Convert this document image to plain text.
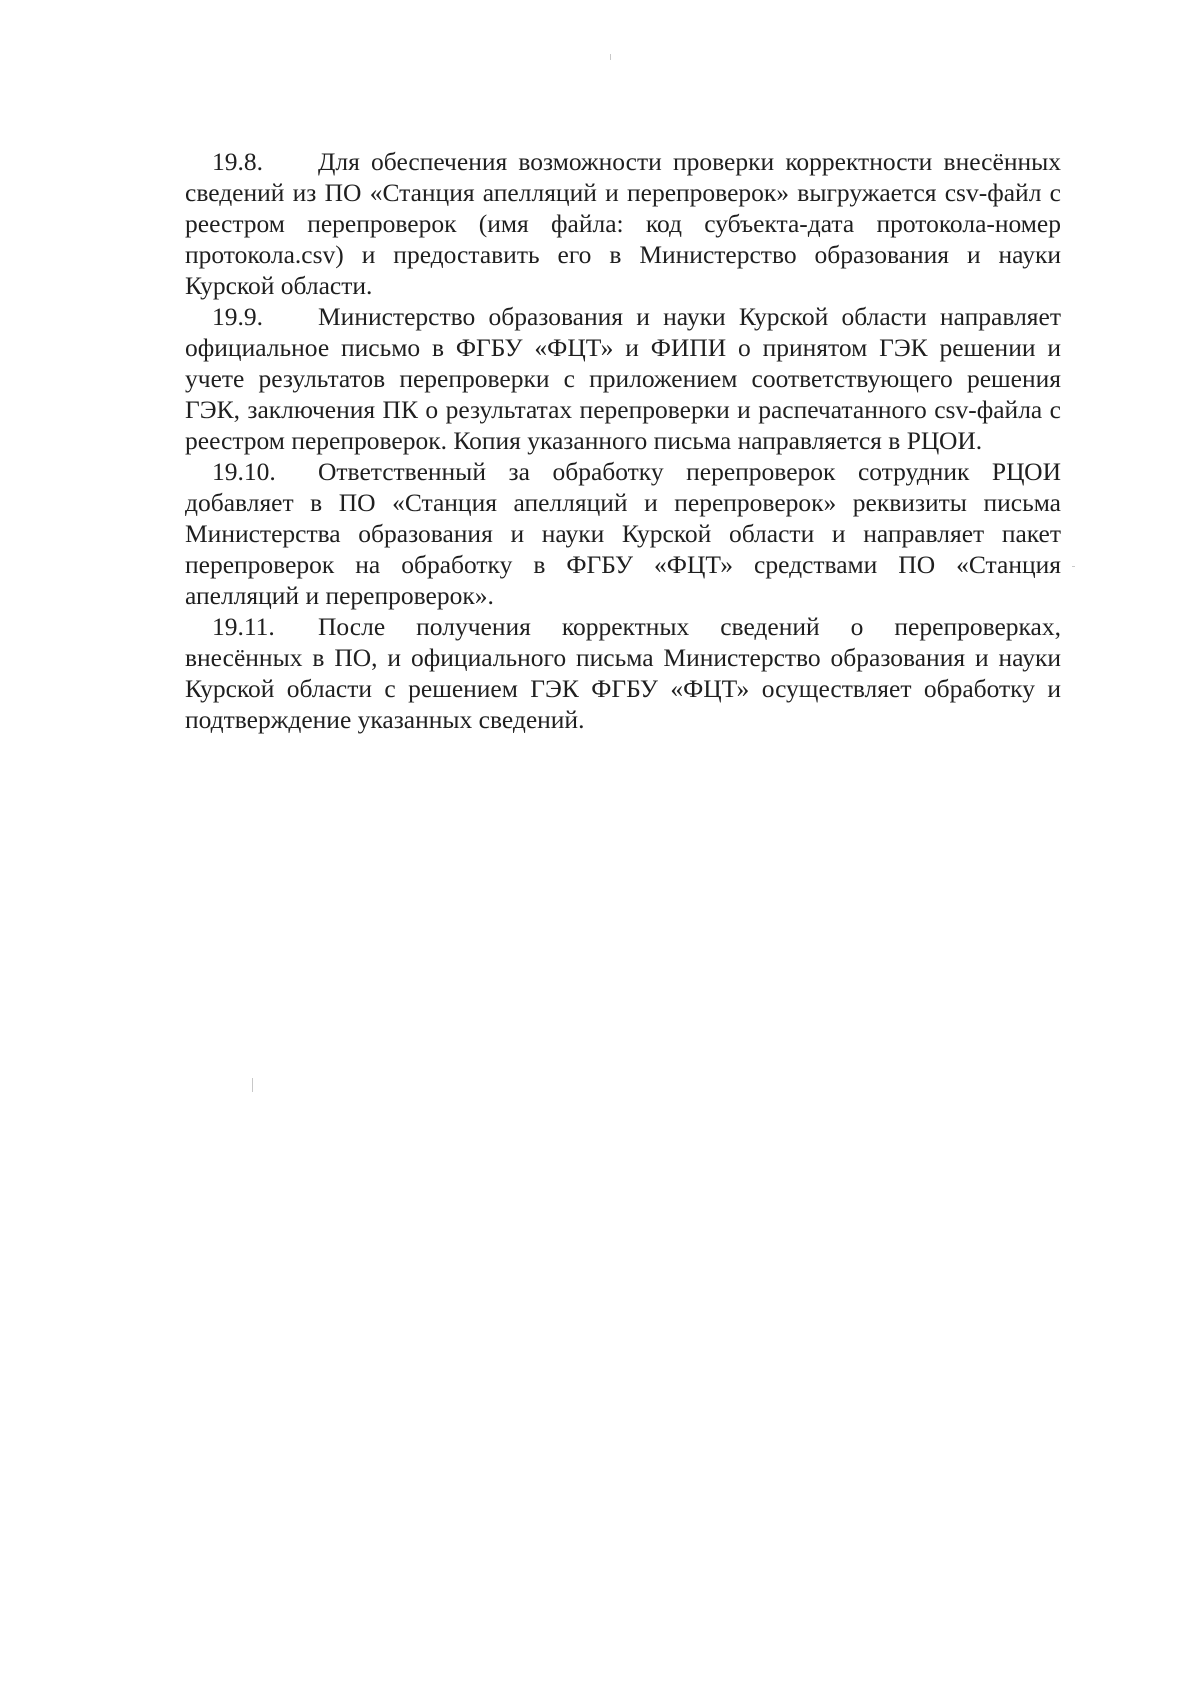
19.8. Для обеспечения возможности проверки корректности внесённых сведений из ПО «Станция апелляций и перепроверок» выгружается csv-файл с реестром перепроверок (имя файла: код субъекта-дата протокола-номер протокола.csv) и предоставить его в Министерство образования и науки Курской области.

19.9. Министерство образования и науки Курской области направляет официальное письмо в ФГБУ «ФЦТ» и ФИПИ о принятом ГЭК решении и учете результатов перепроверки с приложением соответствующего решения ГЭК, заключения ПК о результатах перепроверки и распечатанного csv-файла с реестром перепроверок. Копия указанного письма направляется в РЦОИ.

19.10. Ответственный за обработку перепроверок сотрудник РЦОИ добавляет в ПО «Станция апелляций и перепроверок» реквизиты письма Министерства образования и науки Курской области и направляет пакет перепроверок на обработку в ФГБУ «ФЦТ» средствами ПО «Станция апелляций и перепроверок».

19.11. После получения корректных сведений о перепроверках, внесённых в ПО, и официального письма Министерство образования и науки Курской области с решением ГЭК ФГБУ «ФЦТ» осуществляет обработку и подтверждение указанных сведений.
